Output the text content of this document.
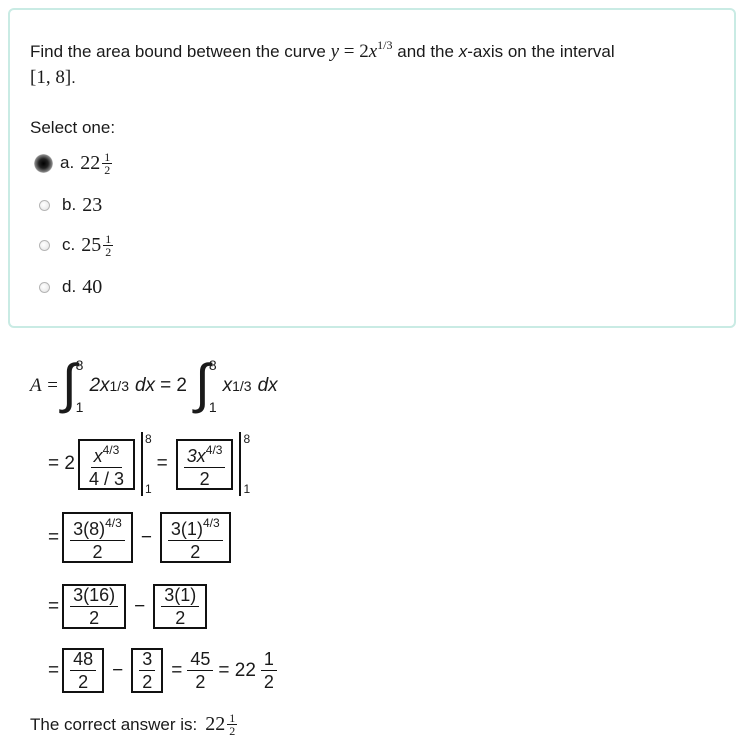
Find the area bound between the curve $y = 2x^{1/3}$ and the x-axis on the interval
[1, 8].
Select one:
a. $22 \frac{1}{2}$
b. 23
c. $25 \frac{1}{2}$
d. 40
A = ∫ 8
1
2x 1/3 dx = 2 ∫ 8
1
x 1/3 dx
= $2 \frac{x^{4/3}}{4 / 3} 8$
1
= $\frac{3x^{4/3}}{2} 8$
1
= $\frac{3(8)^{4/3}}{2} - \frac{3(1)^{4/3}}{2}$
= $\frac{3(16)}{2} - \frac{3(1)}{2}$
= $\frac{48}{2} - \frac{3}{2} = \frac{45}{2} = 22 \frac{1}{2}$
The correct answer is: $22 \frac{1}{2}$
